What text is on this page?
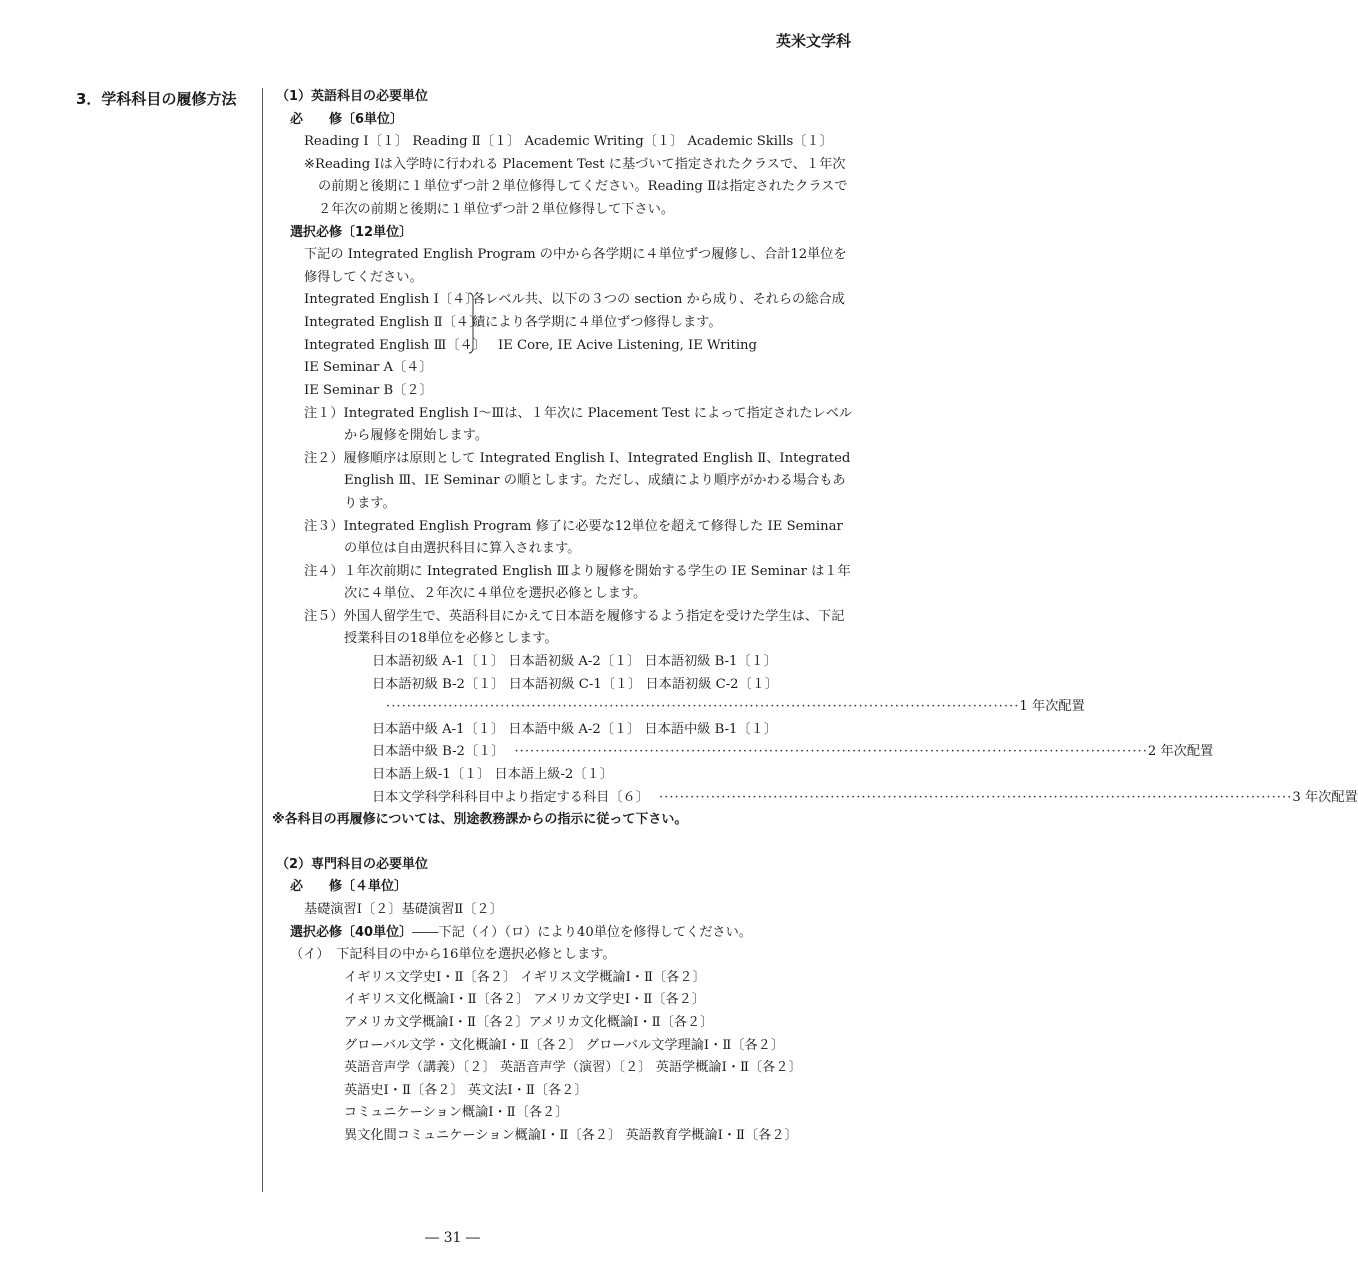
英米文学科
3．学科科目の履修方法	（1）英語科目の必要単位
必　　修〔6単位〕
Reading Ⅰ〔１〕 Reading Ⅱ〔１〕 Academic Writing〔１〕 Academic Skills〔１〕
※Reading Ⅰは入学時に行われる Placement Test に基づいて指定されたクラスで、１年次の前期と後期に１単位ずつ計２単位修得してください。Reading Ⅱは指定されたクラスで２年次の前期と後期に１単位ずつ計２単位修得して下さい。
選択必修〔12単位〕
下記の Integrated English Program の中から各学期に４単位ずつ履修し、合計12単位を修得してください。
Integrated English Ⅰ〔４〕
Integrated English Ⅱ〔４〕
Integrated English Ⅲ〔４〕
各レベル共、以下の３つの section から成り、それらの総合成績により各学期に４単位ずつ修得します。
IE Core, IE Acive Listening, IE Writing
IE Seminar A〔４〕
IE Seminar B〔２〕
注１）Integrated English Ⅰ〜Ⅲは、１年次に Placement Test によって指定されたレベルから履修を開始します。
注２）履修順序は原則として Integrated English Ⅰ、Integrated English Ⅱ、Integrated English Ⅲ、IE Seminar の順とします。ただし、成績により順序がかわる場合もあります。
注３）Integrated English Program 修了に必要な12単位を超えて修得した IE Seminar の単位は自由選択科目に算入されます。
注４）１年次前期に Integrated English Ⅲより履修を開始する学生の IE Seminar は１年次に４単位、２年次に４単位を選択必修とします。
注５）外国人留学生で、英語科目にかえて日本語を履修するよう指定を受けた学生は、下記授業科目の18単位を必修とします。
日本語初級 A-1〔１〕 日本語初級 A-2〔１〕 日本語初級 B-1〔１〕
日本語初級 B-2〔１〕 日本語初級 C-1〔１〕 日本語初級 C-2〔１〕
·························································································································· 1 年次配置
日本語中級 A-1〔１〕 日本語中級 A-2〔１〕 日本語中級 B-1〔１〕
日本語中級 B-2〔１〕 ·························································································································· 2 年次配置
日本語上級-1〔１〕 日本語上級-2〔１〕
日本文学科学科科目中より指定する科目〔６〕 ·························································································································· 3 年次配置
※各科目の再履修については、別途教務課からの指示に従って下さい。
（2）専門科目の必要単位
必　　修〔４単位〕
基礎演習Ⅰ〔２〕基礎演習Ⅱ〔２〕
選択必修〔40単位〕――下記（イ）（ロ）により40単位を修得してください。
（イ）　下記科目の中から16単位を選択必修とします。
イギリス文学史Ⅰ・Ⅱ〔各２〕 イギリス文学概論Ⅰ・Ⅱ〔各２〕
イギリス文化概論Ⅰ・Ⅱ〔各２〕 アメリカ文学史Ⅰ・Ⅱ〔各２〕
アメリカ文学概論Ⅰ・Ⅱ〔各２〕アメリカ文化概論Ⅰ・Ⅱ〔各２〕
グローバル文学・文化概論Ⅰ・Ⅱ〔各２〕 グローバル文学理論Ⅰ・Ⅱ〔各２〕
英語音声学（講義）〔２〕 英語音声学（演習）〔２〕 英語学概論Ⅰ・Ⅱ〔各２〕
英語史Ⅰ・Ⅱ〔各２〕 英文法Ⅰ・Ⅱ〔各２〕
コミュニケーション概論Ⅰ・Ⅱ〔各２〕
異文化間コミュニケーション概論Ⅰ・Ⅱ〔各２〕 英語教育学概論Ⅰ・Ⅱ〔各２〕
― 31 ―
